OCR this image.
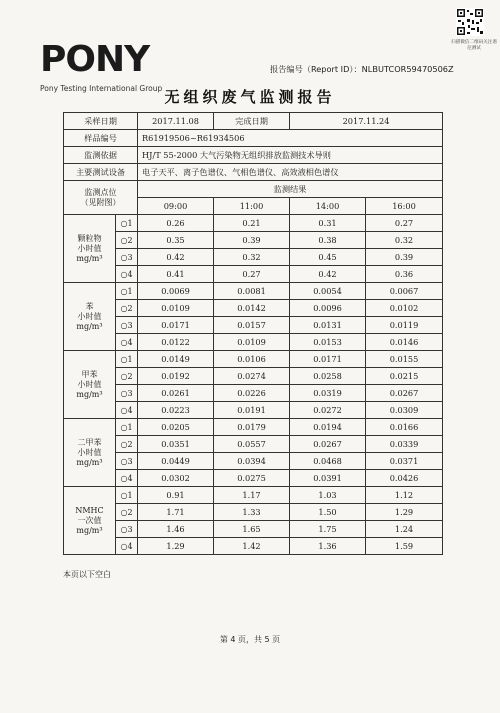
PONY
Pony Testing International Group
扫描微信二维码关注谱尼测试
报告编号（Report ID）：NLBUTCOR59470506Z
无组织废气监测报告
采样日期		2017.11.08	完成日期	2017.11.24	
样品编号		R61919506~R61934506			
监测依据		HJ/T 55-2000 大气污染物无组织排放监测技术导则			
主要测试设备		电子天平、离子色谱仪、气相色谱仪、高效液相色谱仪			

监测点位
（见附图）		监测结果			
		09:00	11:00	14:00	16:00

颗粒物
小时值
mg/m³	○1	0.26	0.21	0.31	0.27
	○2	0.35	0.39	0.38	0.32
	○3	0.42	0.32	0.45	0.39
	○4	0.41	0.27	0.42	0.36

苯
小时值
mg/m³	○1	0.0069	0.0081	0.0054	0.0067
	○2	0.0109	0.0142	0.0096	0.0102
	○3	0.0171	0.0157	0.0131	0.0119
	○4	0.0122	0.0109	0.0153	0.0146

甲苯
小时值
mg/m³	○1	0.0149	0.0106	0.0171	0.0155
	○2	0.0192	0.0274	0.0258	0.0215
	○3	0.0261	0.0226	0.0319	0.0267
	○4	0.0223	0.0191	0.0272	0.0309

二甲苯
小时值
mg/m³	○1	0.0205	0.0179	0.0194	0.0166
	○2	0.0351	0.0557	0.0267	0.0339
	○3	0.0449	0.0394	0.0468	0.0371
	○4	0.0302	0.0275	0.0391	0.0426

NMHC
一次值
mg/m³	○1	0.91	1.17	1.03	1.12
	○2	1.71	1.33	1.50	1.29
	○3	1.46	1.65	1.75	1.24
	○4	1.29	1.42	1.36	1.59
本页以下空白
第 4 页，共 5 页
